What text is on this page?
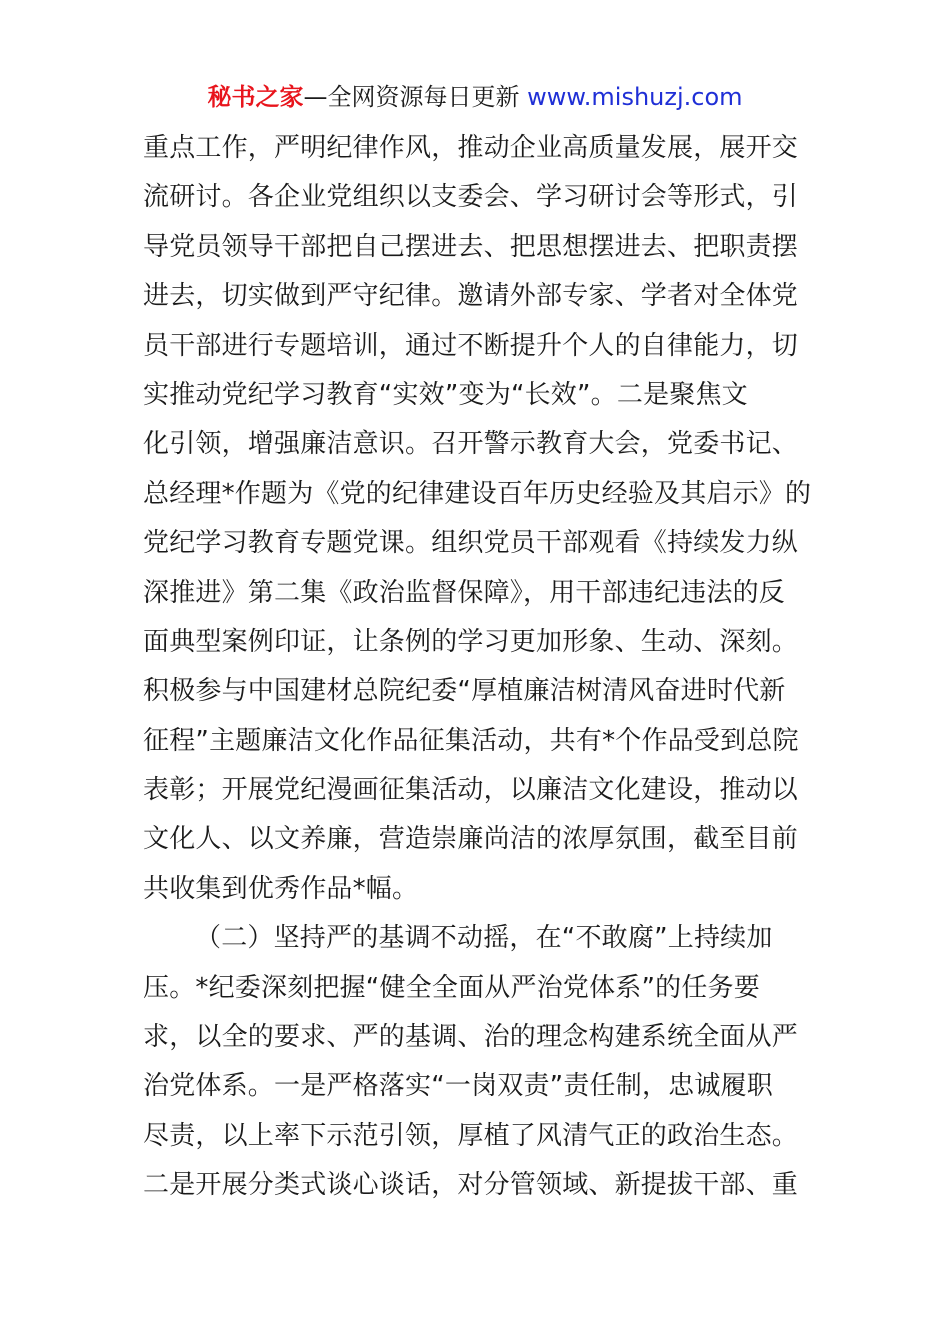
秘书之家—全网资源每日更新 www.mishuzj.com
重点工作，严明纪律作风，推动企业高质量发展，展开交
流研讨。各企业党组织以支委会、学习研讨会等形式，引
导党员领导干部把自己摆进去、把思想摆进去、把职责摆
进去，切实做到严守纪律。邀请外部专家、学者对全体党
员干部进行专题培训，通过不断提升个人的自律能力，切
实推动党纪学习教育“实效”变为“长效”。二是聚焦文
化引领，增强廉洁意识。召开警示教育大会，党委书记、
总经理*作题为《党的纪律建设百年历史经验及其启示》的
党纪学习教育专题党课。组织党员干部观看《持续发力纵
深推进》第二集《政治监督保障》，用干部违纪违法的反
面典型案例印证，让条例的学习更加形象、生动、深刻。
积极参与中国建材总院纪委“厚植廉洁树清风奋进时代新
征程”主题廉洁文化作品征集活动，共有*个作品受到总院
表彰；开展党纪漫画征集活动，以廉洁文化建设，推动以
文化人、以文养廉，营造崇廉尚洁的浓厚氛围，截至目前
共收集到优秀作品*幅。
（二）坚持严的基调不动摇，在“不敢腐”上持续加
压。*纪委深刻把握“健全全面从严治党体系”的任务要
求，以全的要求、严的基调、治的理念构建系统全面从严
治党体系。一是严格落实“一岗双责”责任制，忠诚履职
尽责，以上率下示范引领，厚植了风清气正的政治生态。
二是开展分类式谈心谈话，对分管领域、新提拔干部、重
